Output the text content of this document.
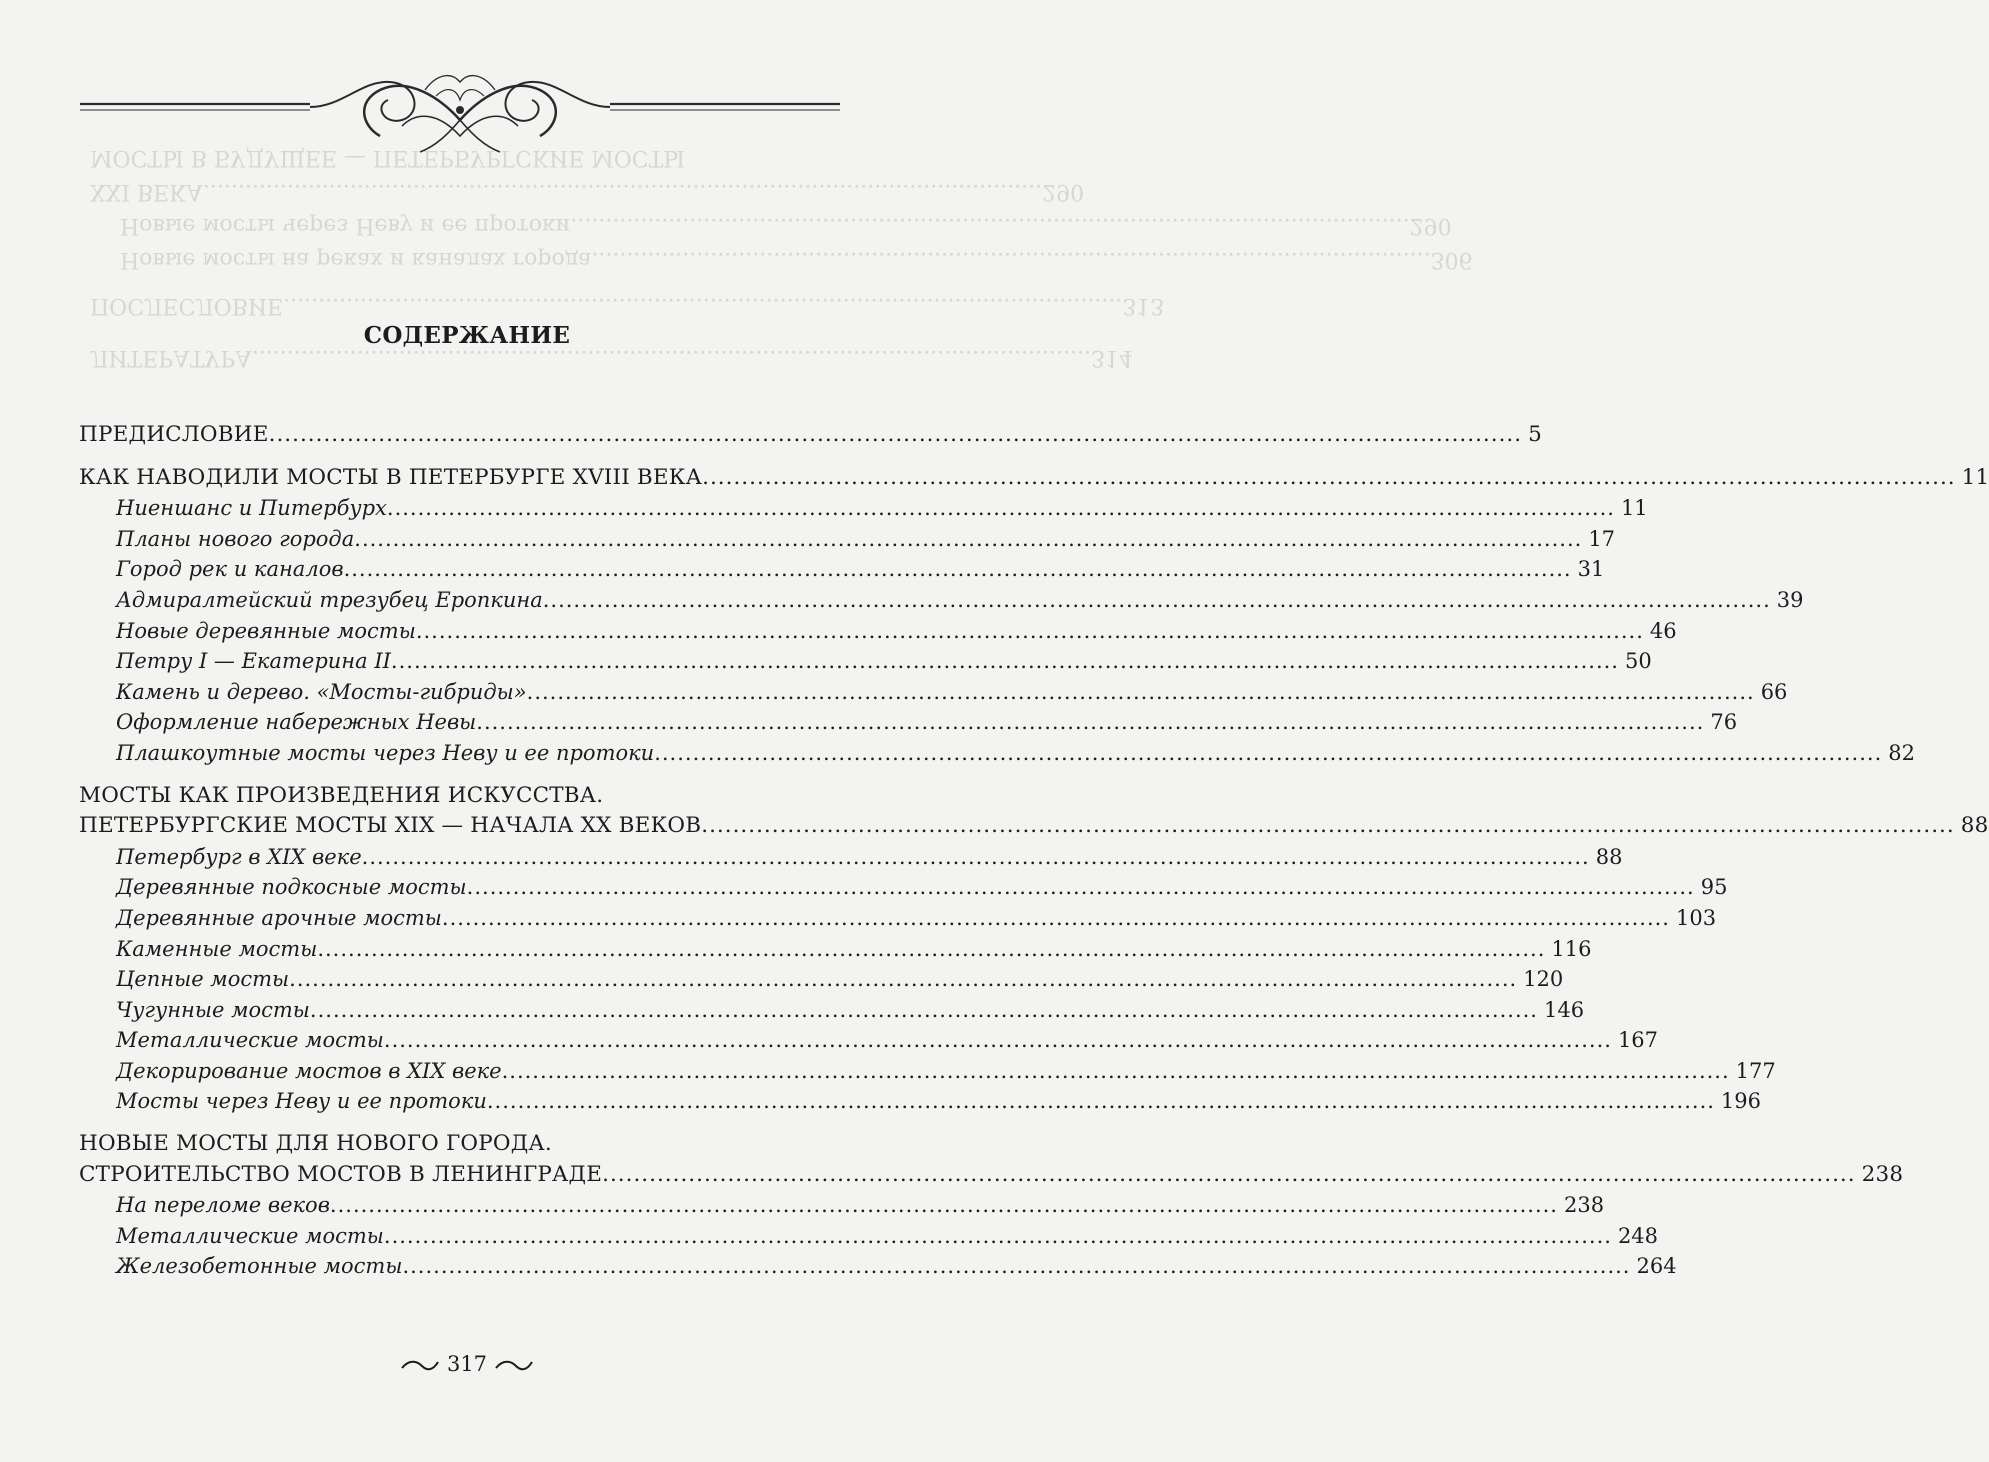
ЛИТЕРАТУРА .....	314
ПОСЛЕСЛОВИЕ .....	313
Новые мосты на реках и каналах города .....	306
Новые мосты через Неву и ее протоки .....	290
XXI ВЕКА .....	290
МОСТЫ В БУДУЩЕЕ — ПЕТЕРБУРГСКИЕ МОСТЫ
СОДЕРЖАНИЕ
ПРЕДИСЛОВИЕ .....	5
КАК НАВОДИЛИ МОСТЫ В ПЕТЕРБУРГЕ XVIII ВЕКА .....	11
Ниеншанс и Питербурх .....	11
Планы нового города .....	17
Город рек и каналов .....	31
Адмиралтейский трезубец Еропкина .....	39
Новые деревянные мосты .....	46
Петру I — Екатерина II .....	50
Камень и дерево. «Мосты-гибриды» .....	66
Оформление набережных Невы .....	76
Плашкоутные мосты через Неву и ее протоки .....	82
МОСТЫ КАК ПРОИЗВЕДЕНИЯ ИСКУССТВА.
ПЕТЕРБУРГСКИЕ МОСТЫ XIX — НАЧАЛА XX ВЕКОВ .....	88
Петербург в XIX веке .....	88
Деревянные подкосные мосты .....	95
Деревянные арочные мосты .....	103
Каменные мосты .....	116
Цепные мосты .....	120
Чугунные мосты .....	146
Металлические мосты .....	167
Декорирование мостов в XIX веке .....	177
Мосты через Неву и ее протоки .....	196
НОВЫЕ МОСТЫ ДЛЯ НОВОГО ГОРОДА.
СТРОИТЕЛЬСТВО МОСТОВ В ЛЕНИНГРАДЕ .....	238
На переломе веков .....	238
Металлические мосты .....	248
Железобетонные мосты .....	264
317
